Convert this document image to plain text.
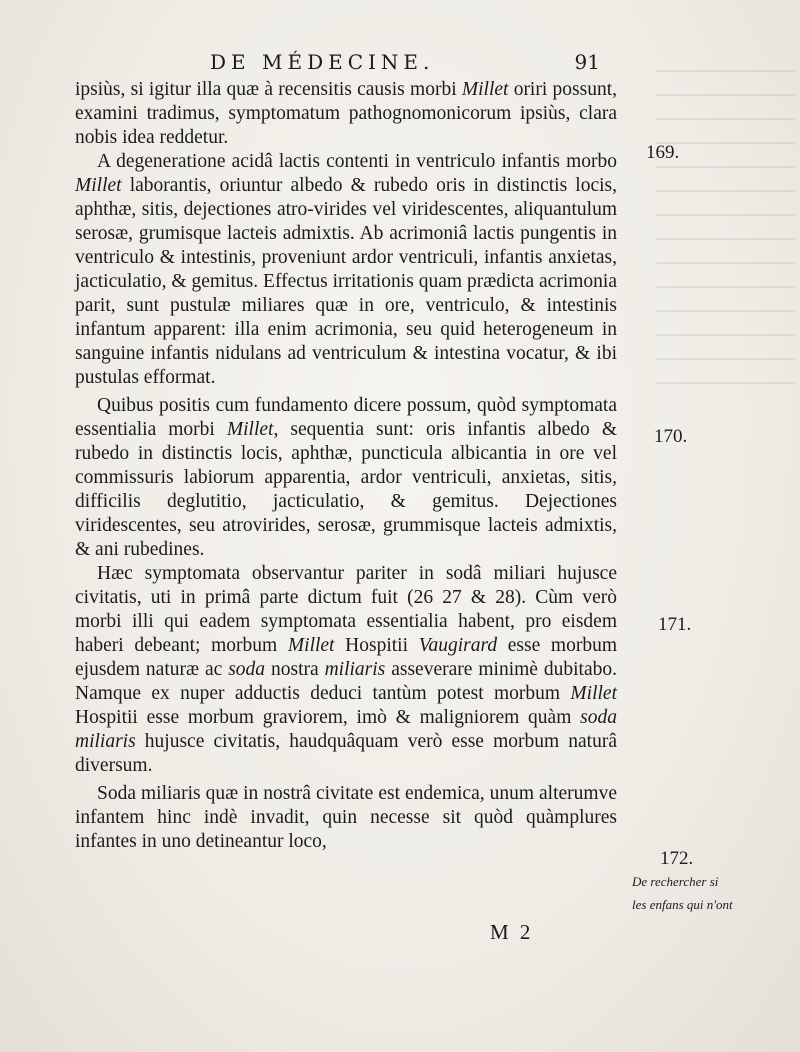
DE MÉDECINE.	91

ipsiùs, si igitur illa quæ à recensitis causis morbi Millet oriri possunt, examini tradimus, symptomatum pathognomonicorum ipsiùs, clara nobis idea reddetur.

A degeneratione acidâ lactis contenti in ventriculo infantis morbo Millet laborantis, oriuntur albedo & rubedo oris in distinctis locis, aphthæ, sitis, dejectiones atro-virides vel viridescentes, aliquantulum serosæ, grumisque lacteis admixtis. Ab acrimoniâ lactis pungentis in ventriculo & intestinis, proveniunt ardor ventriculi, infantis anxietas, jacticulatio, & gemitus. Effectus irritationis quam prædicta acrimonia parit, sunt pustulæ miliares quæ in ore, ventriculo, & intestinis infantum apparent: illa enim acrimonia, seu quid heterogeneum in sanguine infantis nidulans ad ventriculum & intestina vocatur, & ibi pustulas efformat.

Quibus positis cum fundamento dicere possum, quòd symptomata essentialia morbi Millet, sequentia sunt: oris infantis albedo & rubedo in distinctis locis, aphthæ, puncticula albicantia in ore vel commissuris labiorum apparentia, ardor ventriculi, anxietas, sitis, difficilis deglutitio, jacticulatio, & gemitus. Dejectiones viridescentes, seu atrovirides, serosæ, grummisque lacteis admixtis, & ani rubedines.

Hæc symptomata observantur pariter in sodâ miliari hujusce civitatis, uti in primâ parte dictum fuit (26 27 & 28). Cùm verò morbi illi qui eadem symptomata essentialia habent, pro eisdem haberi debeant; morbum Millet Hospitii Vaugirard esse morbum ejusdem naturæ ac soda nostra miliaris asseverare minimè dubitabo. Namque ex nuper adductis deduci tantùm potest morbum Millet Hospitii esse morbum graviorem, imò & maligniorem quàm soda miliaris hujusce civitatis, haudquâquam verò esse morbum naturâ diversum.

Soda miliaris quæ in nostrâ civitate est endemica, unum alterumve infantem hinc indè invadit, quin necesse sit quòd quàmplures infantes in uno detineantur loco,

169.
170.
171.
172.
De rechercher si
les enfans qui n'ont
M 2
